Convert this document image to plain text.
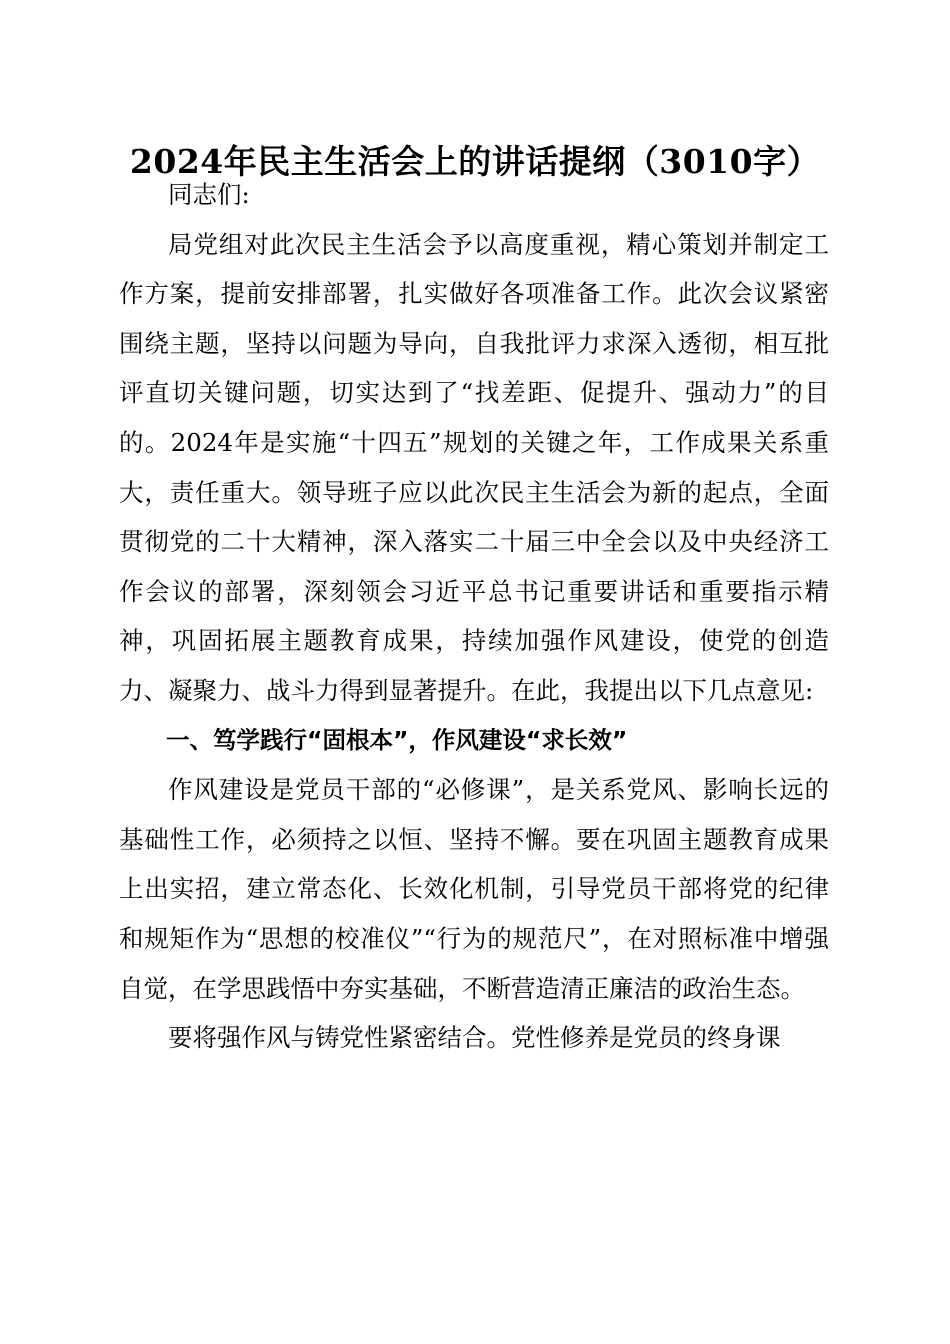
2024年民主生活会上的讲话提纲（3010字）

同志们:

局党组对此次民主生活会予以高度重视，精心策划并制定工作方案，提前安排部署，扎实做好各项准备工作。此次会议紧密围绕主题，坚持以问题为导向，自我批评力求深入透彻，相互批评直切关键问题，切实达到了“找差距、促提升、强动力”的目的。2024年是实施“十四五”规划的关键之年，工作成果关系重大，责任重大。领导班子应以此次民主生活会为新的起点，全面贯彻党的二十大精神，深入落实二十届三中全会以及中央经济工作会议的部署，深刻领会习近平总书记重要讲话和重要指示精神，巩固拓展主题教育成果，持续加强作风建设，使党的创造力、凝聚力、战斗力得到显著提升。在此，我提出以下几点意见:

一、笃学践行“固根本”，作风建设“求长效”

作风建设是党员干部的“必修课”，是关系党风、影响长远的基础性工作，必须持之以恒、坚持不懈。要在巩固主题教育成果上出实招，建立常态化、长效化机制，引导党员干部将党的纪律和规矩作为“思想的校准仪”“行为的规范尺”，在对照标准中增强自觉，在学思践悟中夯实基础，不断营造清正廉洁的政治生态。

要将强作风与铸党性紧密结合。党性修养是党员的终身课
